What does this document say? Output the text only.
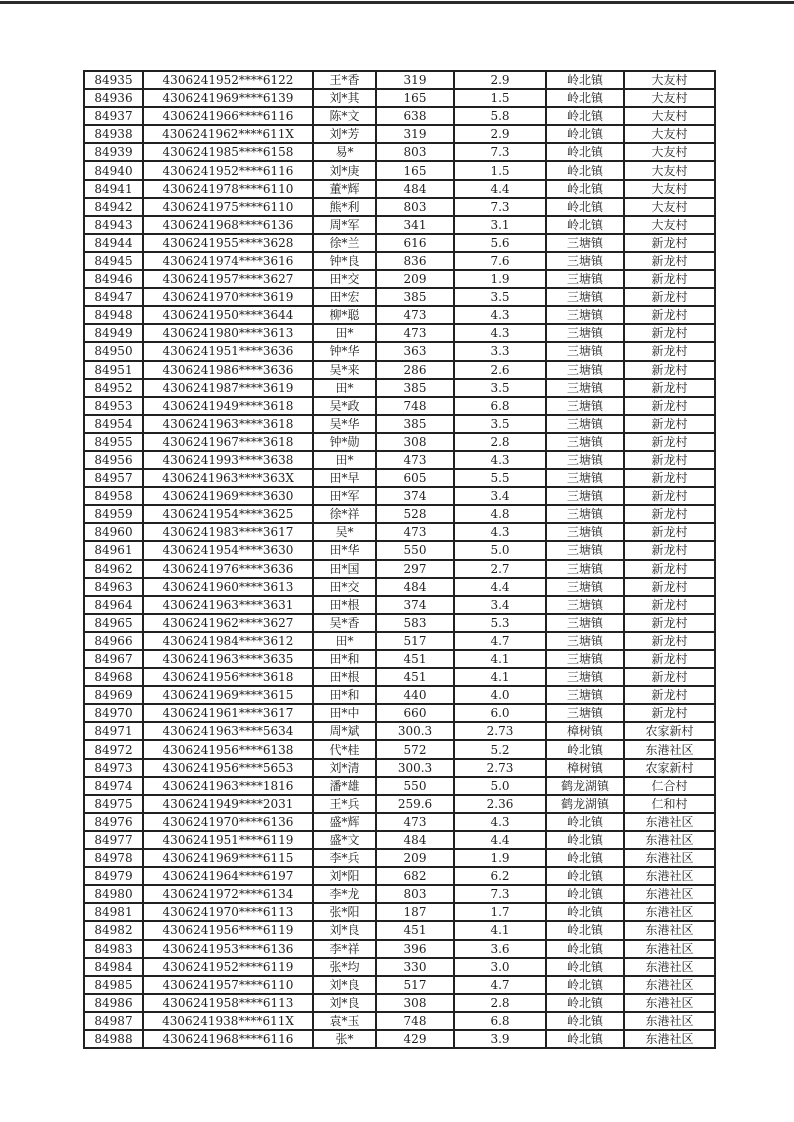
84935	4306241952****6122	王*香	319	2.9	岭北镇	大友村
84936	4306241969****6139	刘*其	165	1.5	岭北镇	大友村
84937	4306241966****6116	陈*文	638	5.8	岭北镇	大友村
84938	4306241962****611X	刘*芳	319	2.9	岭北镇	大友村
84939	4306241985****6158	易*	803	7.3	岭北镇	大友村
84940	4306241952****6116	刘*庚	165	1.5	岭北镇	大友村
84941	4306241978****6110	董*辉	484	4.4	岭北镇	大友村
84942	4306241975****6110	熊*利	803	7.3	岭北镇	大友村
84943	4306241968****6136	周*军	341	3.1	岭北镇	大友村
84944	4306241955****3628	徐*兰	616	5.6	三塘镇	新龙村
84945	4306241974****3616	钟*良	836	7.6	三塘镇	新龙村
84946	4306241957****3627	田*交	209	1.9	三塘镇	新龙村
84947	4306241970****3619	田*宏	385	3.5	三塘镇	新龙村
84948	4306241950****3644	柳*聪	473	4.3	三塘镇	新龙村
84949	4306241980****3613	田*	473	4.3	三塘镇	新龙村
84950	4306241951****3636	钟*华	363	3.3	三塘镇	新龙村
84951	4306241986****3636	吴*来	286	2.6	三塘镇	新龙村
84952	4306241987****3619	田*	385	3.5	三塘镇	新龙村
84953	4306241949****3618	吴*政	748	6.8	三塘镇	新龙村
84954	4306241963****3618	吴*华	385	3.5	三塘镇	新龙村
84955	4306241967****3618	钟*勋	308	2.8	三塘镇	新龙村
84956	4306241993****3638	田*	473	4.3	三塘镇	新龙村
84957	4306241963****363X	田*早	605	5.5	三塘镇	新龙村
84958	4306241969****3630	田*军	374	3.4	三塘镇	新龙村
84959	4306241954****3625	徐*祥	528	4.8	三塘镇	新龙村
84960	4306241983****3617	吴*	473	4.3	三塘镇	新龙村
84961	4306241954****3630	田*华	550	5.0	三塘镇	新龙村
84962	4306241976****3636	田*国	297	2.7	三塘镇	新龙村
84963	4306241960****3613	田*交	484	4.4	三塘镇	新龙村
84964	4306241963****3631	田*根	374	3.4	三塘镇	新龙村
84965	4306241962****3627	吴*香	583	5.3	三塘镇	新龙村
84966	4306241984****3612	田*	517	4.7	三塘镇	新龙村
84967	4306241963****3635	田*和	451	4.1	三塘镇	新龙村
84968	4306241956****3618	田*根	451	4.1	三塘镇	新龙村
84969	4306241969****3615	田*和	440	4.0	三塘镇	新龙村
84970	4306241961****3617	田*中	660	6.0	三塘镇	新龙村
84971	4306241963****5634	周*斌	300.3	2.73	樟树镇	农家新村
84972	4306241956****6138	代*桂	572	5.2	岭北镇	东港社区
84973	4306241956****5653	刘*清	300.3	2.73	樟树镇	农家新村
84974	4306241963****1816	潘*雄	550	5.0	鹤龙湖镇	仁合村
84975	4306241949****2031	王*兵	259.6	2.36	鹤龙湖镇	仁和村
84976	4306241970****6136	盛*辉	473	4.3	岭北镇	东港社区
84977	4306241951****6119	盛*文	484	4.4	岭北镇	东港社区
84978	4306241969****6115	李*兵	209	1.9	岭北镇	东港社区
84979	4306241964****6197	刘*阳	682	6.2	岭北镇	东港社区
84980	4306241972****6134	李*龙	803	7.3	岭北镇	东港社区
84981	4306241970****6113	张*阳	187	1.7	岭北镇	东港社区
84982	4306241956****6119	刘*良	451	4.1	岭北镇	东港社区
84983	4306241953****6136	李*祥	396	3.6	岭北镇	东港社区
84984	4306241952****6119	张*均	330	3.0	岭北镇	东港社区
84985	4306241957****6110	刘*良	517	4.7	岭北镇	东港社区
84986	4306241958****6113	刘*良	308	2.8	岭北镇	东港社区
84987	4306241938****611X	袁*玉	748	6.8	岭北镇	东港社区
84988	4306241968****6116	张*	429	3.9	岭北镇	东港社区
